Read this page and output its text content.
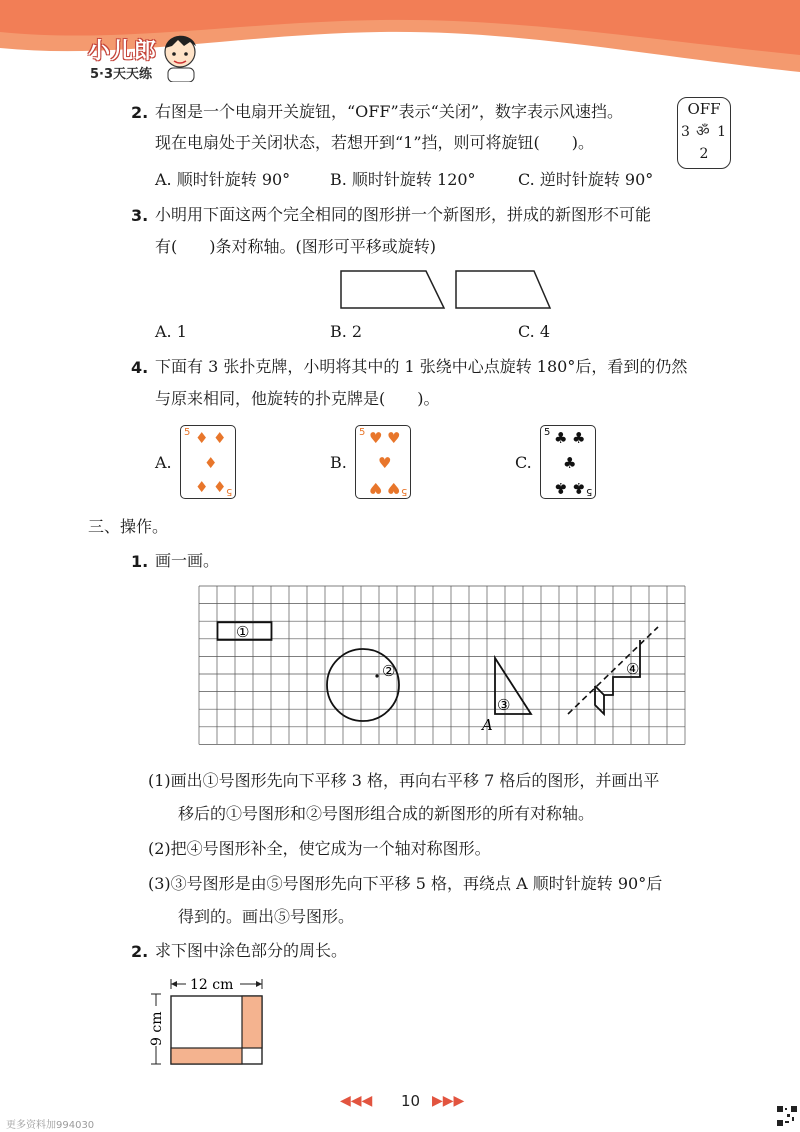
小儿郎
5·3天天练
2. 右图是一个电扇开关旋钮，“OFF”表示“关闭”，数字表示风速挡。
现在电扇处于关闭状态，若想开到“1”挡，则可将旋钮(　　)。
OFF
3 ॐ 1
2
A. 顺时针旋转 90° B. 顺时针旋转 120°	C. 逆时针旋转 90°
3. 小明用下面这两个完全相同的图形拼一个新图形，拼成的新图形不可能
有(　　)条对称轴。(图形可平移或旋转)
A. 1	B. 2	C. 4
4. 下面有 3 张扑克牌，小明将其中的 1 张绕中心点旋转 180°后，看到的仍然
与原来相同，他旋转的扑克牌是(　　)。
A.
5 ♦ ♦
♦
♦ ♦ 5
B.
5 ♥ ♥
♥
♥ ♥ 5
C.
5 ♣ ♣
♣
♣ ♣ 5
三、操作。
1. 画一画。
①
②
③
A
④
(1)画出①号图形先向下平移 3 格，再向右平移 7 格后的图形，并画出平
移后的①号图形和②号图形组合成的新图形的所有对称轴。
(2)把④号图形补全，使它成为一个轴对称图形。
(3)③号图形是由⑤号图形先向下平移 5 格，再绕点 A 顺时针旋转 90°后
得到的。画出⑤号图形。
2. 求下图中涂色部分的周长。
12 cm
9 cm
◀◀◀ 10 ▶▶▶
更多资料加994030
